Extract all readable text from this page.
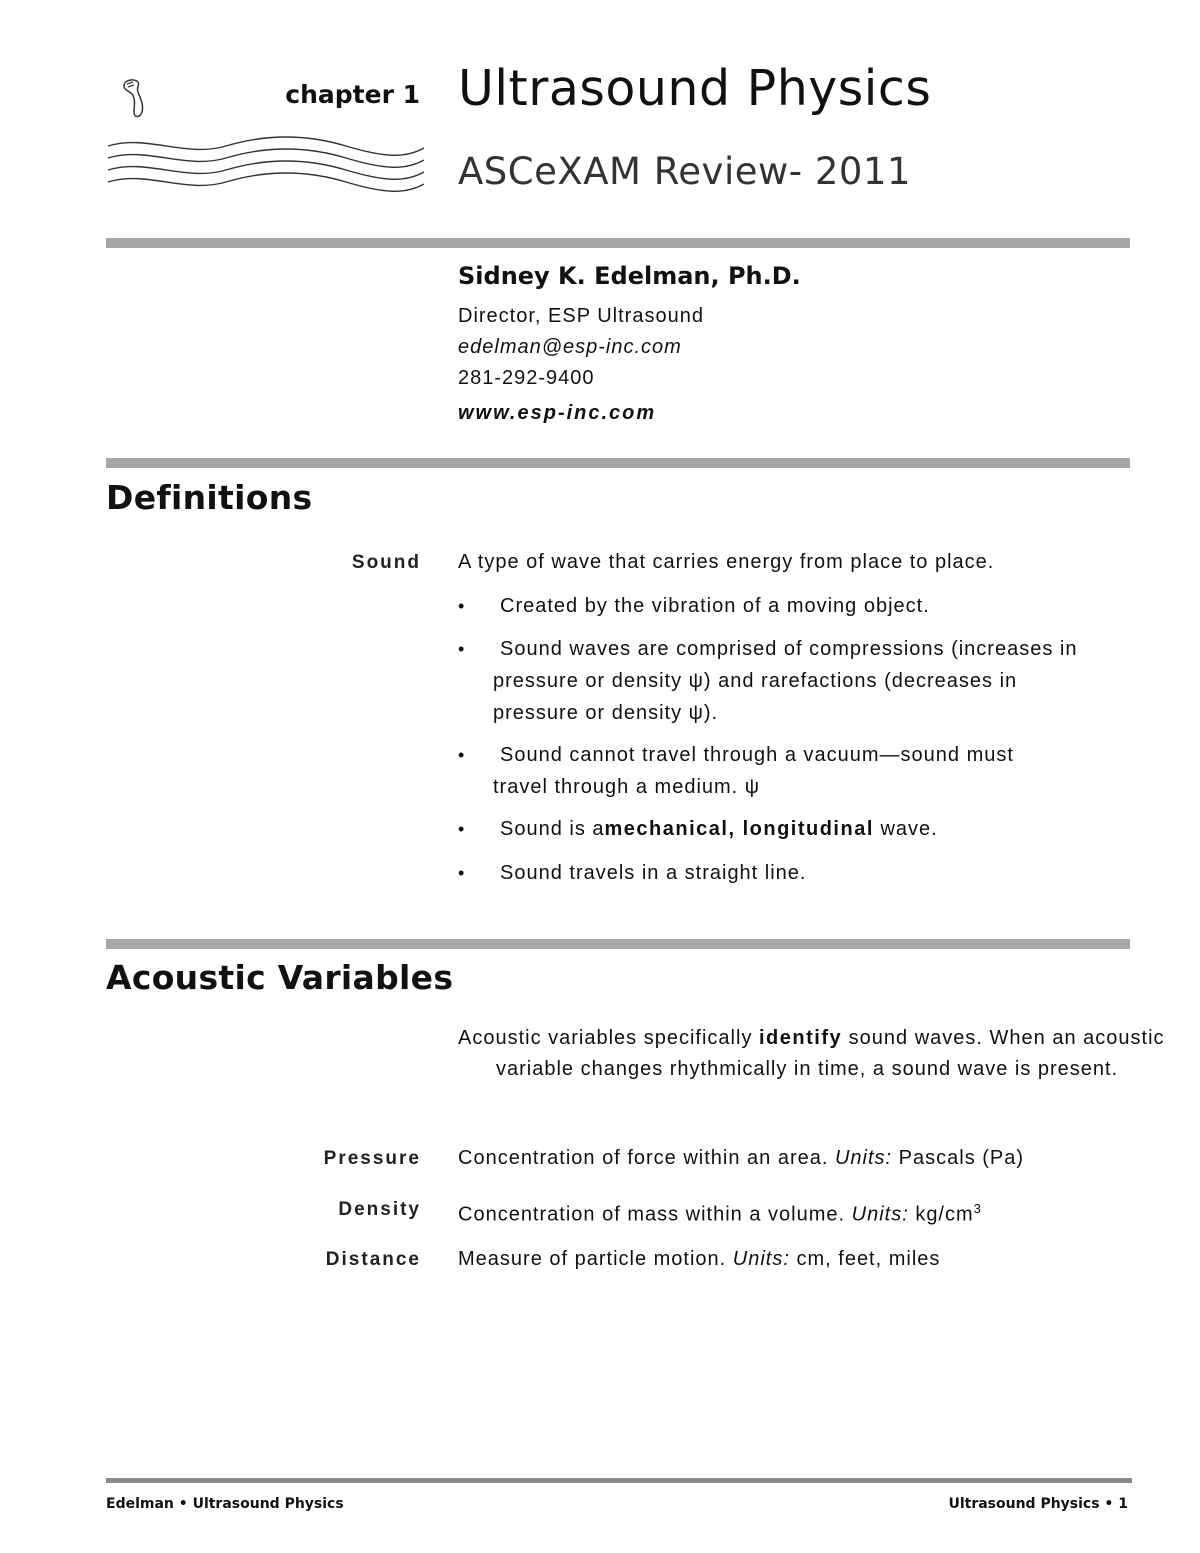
chapter 1 Ultrasound Physics
ASCeXAM Review- 2011
Sidney K. Edelman, Ph.D.
Director, ESP Ultrasound
edelman@esp-inc.com
281-292-9400
www.esp-inc.com
Definitions
Sound A type of wave that carries energy from place to place.
•	Created by the vibration of a moving object.
•	Sound waves are comprised of compressions (increases in
pressure or density ψ) and rarefactions (decreases in
pressure or density ψ).
•	Sound cannot travel through a vacuum—sound must
travel through a medium. ψ
•	Sound is amechanical, longitudinal wave.
•	Sound travels in a straight line.
Acoustic Variables
Acoustic variables specifically identify sound waves. When an acoustic variable changes rhythmically in time, a sound wave is present.
Pressure Concentration of force within an area. Units: Pascals (Pa)
Density Concentration of mass within a volume. Units: $kg/cm^3$
Distance Measure of particle motion. Units: cm, feet, miles
Edelman • Ultrasound Physics	Ultrasound Physics • 1
